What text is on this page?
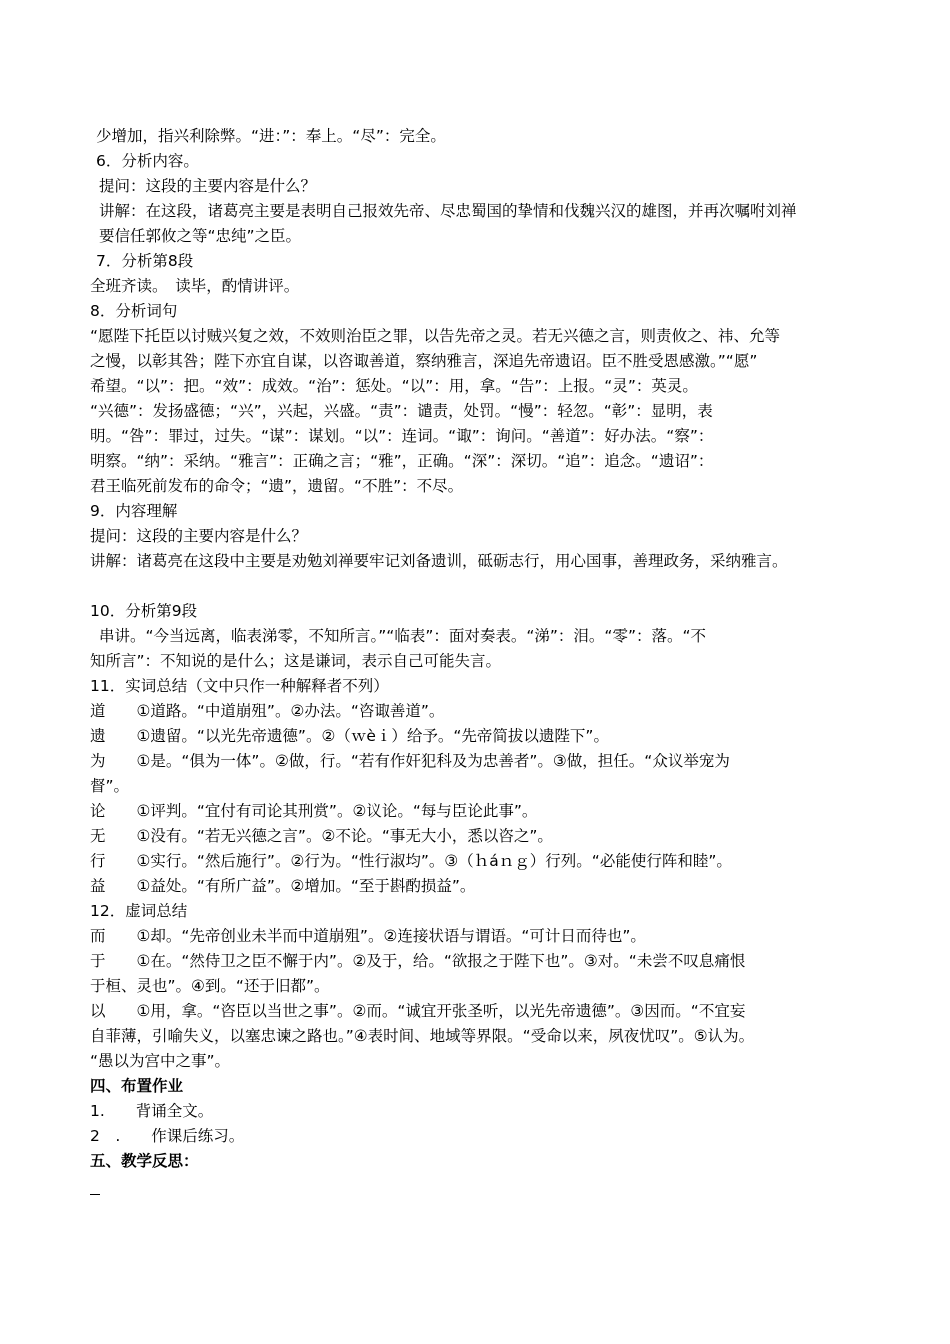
少增加，指兴利除弊。“进：”：奉上。“尽”：完全。
6．分析内容。
提问：这段的主要内容是什么？
讲解：在这段，诸葛亮主要是表明自己报效先帝、尽忠蜀国的挚情和伐魏兴汉的雄图，并再次嘱咐刘禅
要信任郭攸之等“忠纯”之臣。
7．分析第8段
全班齐读。　读毕，酌情讲评。
8．分析词句
“愿陛下托臣以讨贼兴复之效，不效则治臣之罪，以告先帝之灵。若无兴德之言，则责攸之、祎、允等
之慢，以彰其咎；陛下亦宜自谋，以咨诹善道，察纳雅言，深追先帝遗诏。臣不胜受恩感激。”“愿”
希望。“以”：把。“效”：成效。“治”：惩处。“以”：用，拿。“告”：上报。“灵”：英灵。
“兴德”：发扬盛德；“兴”，兴起，兴盛。“责”：谴责，处罚。“慢”：轻忽。“彰”：显明，表
明。“咎”：罪过，过失。“谋”：谋划。“以”：连词。“诹”：询问。“善道”：好办法。“察”：
明察。“纳”：采纳。“雅言”：正确之言；“雅”，正确。“深”：深切。“追”：追念。“遗诏”：
君王临死前发布的命令；“遗”，遗留。“不胜”：不尽。
9．内容理解
提问：这段的主要内容是什么？
讲解：诸葛亮在这段中主要是劝勉刘禅要牢记刘备遗训，砥砺志行，用心国事，善理政务，采纳雅言。
10．分析第9段
串讲。“今当远离，临表涕零，不知所言。”“临表”：面对奏表。“涕”：泪。“零”：落。“不
知所言”：不知说的是什么；这是谦词，表示自己可能失言。
11．实词总结（文中只作一种解释者不列）
道　　①道路。“中道崩殂”。②办法。“咨诹善道”。
遗　　①遗留。“以光先帝遗德”。②（ｗèｉ）给予。“先帝简拔以遗陛下”。
为　　①是。“俱为一体”。②做，行。“若有作奸犯科及为忠善者”。③做，担任。“众议举宠为
督”。
论　　①评判。“宜付有司论其刑赏”。②议论。“每与臣论此事”。
无　　①没有。“若无兴德之言”。②不论。“事无大小，悉以咨之”。
行　　①实行。“然后施行”。②行为。“性行淑均”。③（ｈáｎｇ）行列。“必能使行阵和睦”。
益　　①益处。“有所广益”。②增加。“至于斟酌损益”。
12．虚词总结
而　　①却。“先帝创业未半而中道崩殂”。②连接状语与谓语。“可计日而待也”。
于　　①在。“然侍卫之臣不懈于内”。②及于，给。“欲报之于陛下也”。③对。“未尝不叹息痛恨
于桓、灵也”。④到。“还于旧都”。
以　　①用，拿。“咨臣以当世之事”。②而。“诚宜开张圣听，以光先帝遗德”。③因而。“不宜妄
自菲薄，引喻失义，以塞忠谏之路也。”④表时间、地域等界限。“受命以来，夙夜忧叹”。⑤认为。
“愚以为宫中之事”。
四、布置作业
1.　　背诵全文。
2　.　　作课后练习。
五、教学反思：
